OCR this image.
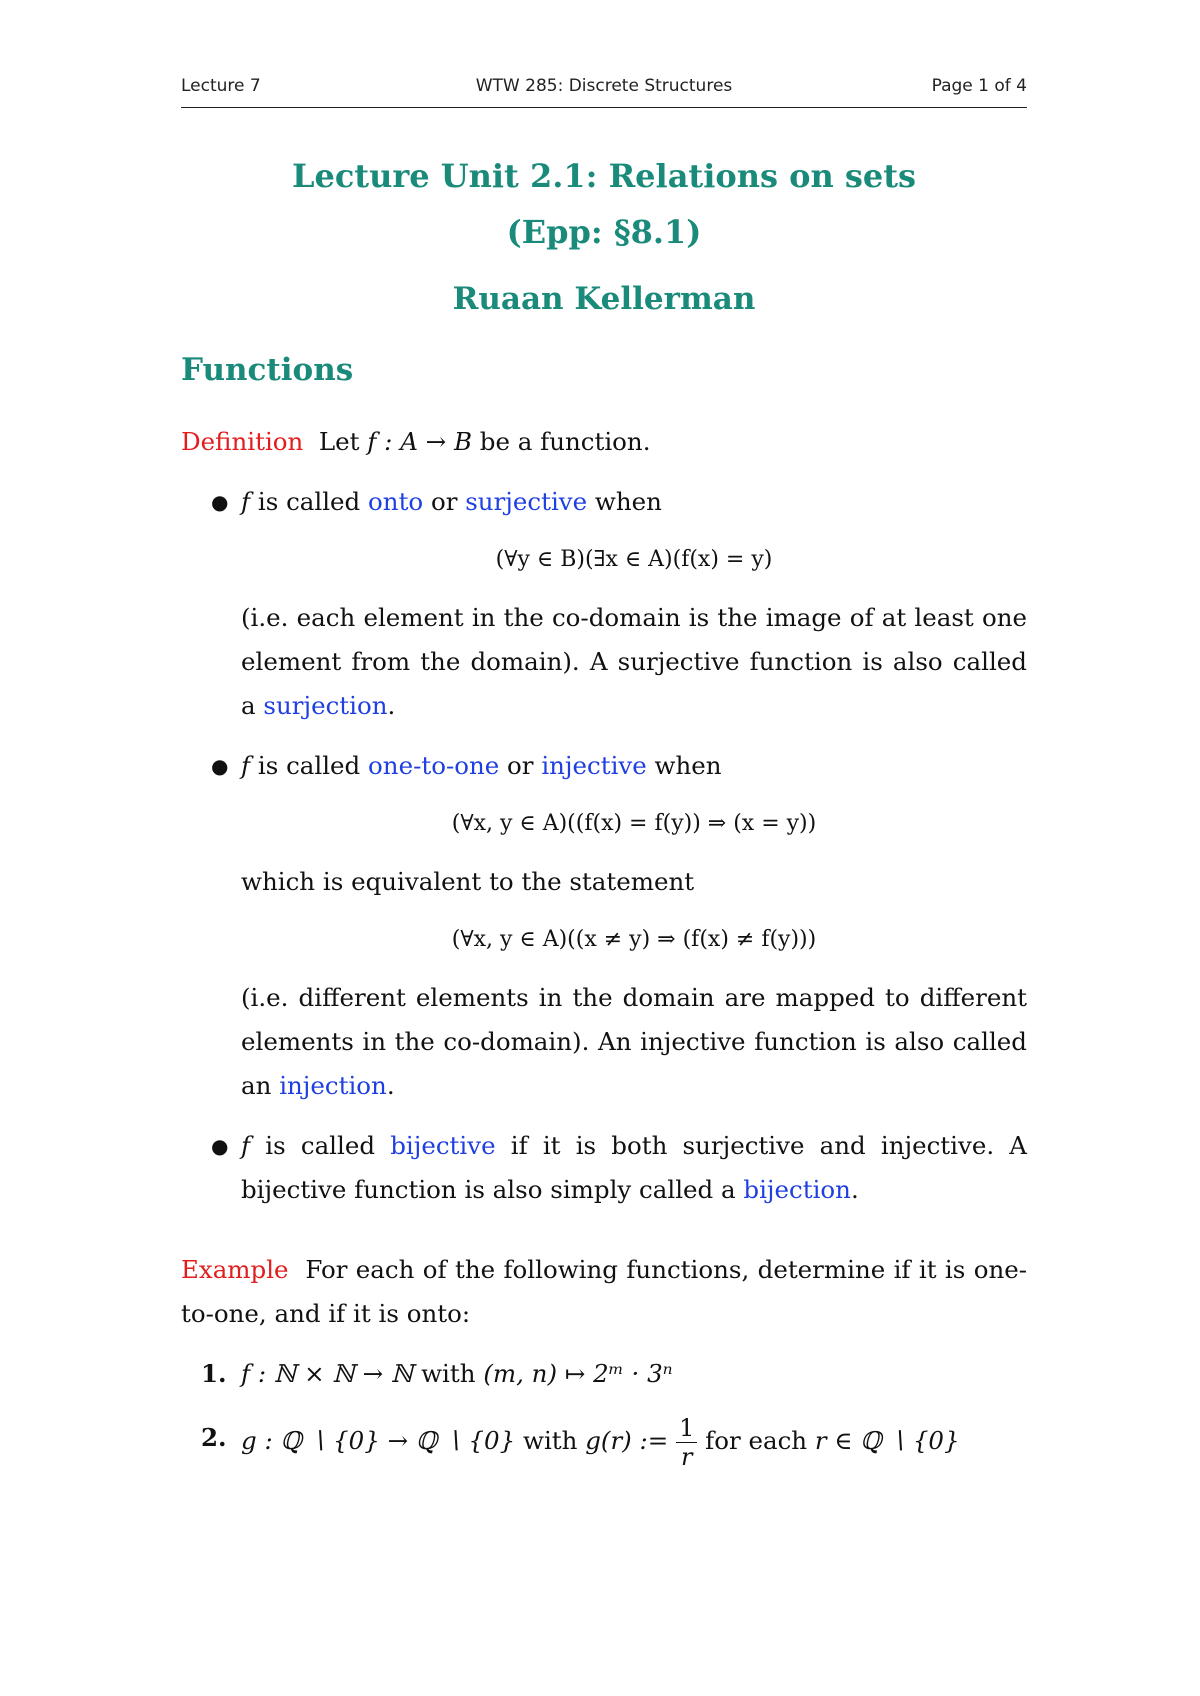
Lecture 7	WTW 285: Discrete Structures	Page 1 of 4
Lecture Unit 2.1: Relations on sets
(Epp: §8.1)
Ruaan Kellerman
Functions

Definition Let f : A → B be a function.

● f is called onto or surjective when
(∀y ∈ B)(∃x ∈ A)(f(x) = y)
(i.e. each element in the co-domain is the image of at least one element from the domain). A surjective function is also called a surjection.
● f is called one-to-one or injective when
(∀x, y ∈ A)((f(x) = f(y)) ⇒ (x = y))
which is equivalent to the statement
(∀x, y ∈ A)((x ≠ y) ⇒ (f(x) ≠ f(y)))
(i.e. different elements in the domain are mapped to different elements in the co-domain). An injective function is also called an injection.
● f is called bijective if it is both surjective and injective. A bijective function is also simply called a bijection.

Example For each of the following functions, determine if it is one-to-one, and if it is onto:

1. f : ℕ × ℕ → ℕ with (m, n) ↦ 2ᵐ · 3ⁿ
2. g : ℚ ∖ {0} → ℚ ∖ {0} with g(r) := $\frac{1}{r}$ for each r ∈ ℚ ∖ {0}
